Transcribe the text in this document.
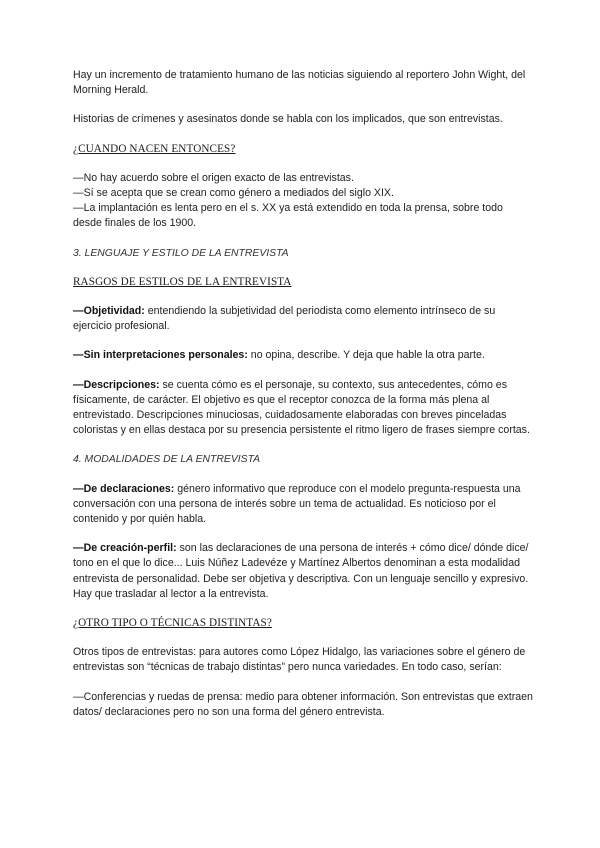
Hay un incremento de tratamiento humano de las noticias siguiendo al reportero John Wight, del Morning Herald.

Historias de crímenes y asesinatos donde se habla con los implicados, que son entrevistas.

¿CUANDO NACEN ENTONCES?

—No hay acuerdo sobre el origen exacto de las entrevistas.

—Sí se acepta que se crean como género a mediados del siglo XIX.

—La implantación es lenta pero en el s. XX ya está extendido en toda la prensa, sobre todo desde finales de los 1900.

3. LENGUAJE Y ESTILO DE LA ENTREVISTA

RASGOS DE ESTILOS DE LA ENTREVISTA

—Objetividad: entendiendo la subjetividad del periodista como elemento intrínseco de su ejercicio profesional.

—Sin interpretaciones personales: no opina, describe. Y deja que hable la otra parte.

—Descripciones: se cuenta cómo es el personaje, su contexto, sus antecedentes, cómo es físicamente, de carácter. El objetivo es que el receptor conozca de la forma más plena al entrevistado. Descripciones minuciosas, cuidadosamente elaboradas con breves pinceladas coloristas y en ellas destaca por su presencia persistente el ritmo ligero de frases siempre cortas.

4. MODALIDADES DE LA ENTREVISTA

—De declaraciones: género informativo que reproduce con el modelo pregunta-respuesta una conversación con una persona de interés sobre un tema de actualidad. Es noticioso por el contenido y por quién habla.

—De creación-perfil: son las declaraciones de una persona de interés + cómo dice/ dónde dice/ tono en el que lo dice... Luis Núñez Ladevéze y Martínez Albertos denominan a esta modalidad entrevista de personalidad. Debe ser objetiva y descriptiva. Con un lenguaje sencillo y expresivo. Hay que trasladar al lector a la entrevista.

¿OTRO TIPO O TÉCNICAS DISTINTAS?

Otros tipos de entrevistas: para autores como López Hidalgo, las variaciones sobre el género de entrevistas son “técnicas de trabajo distintas” pero nunca variedades. En todo caso, serían:

—Conferencias y ruedas de prensa: medio para obtener información. Son entrevistas que extraen datos/ declaraciones pero no son una forma del género entrevista.
